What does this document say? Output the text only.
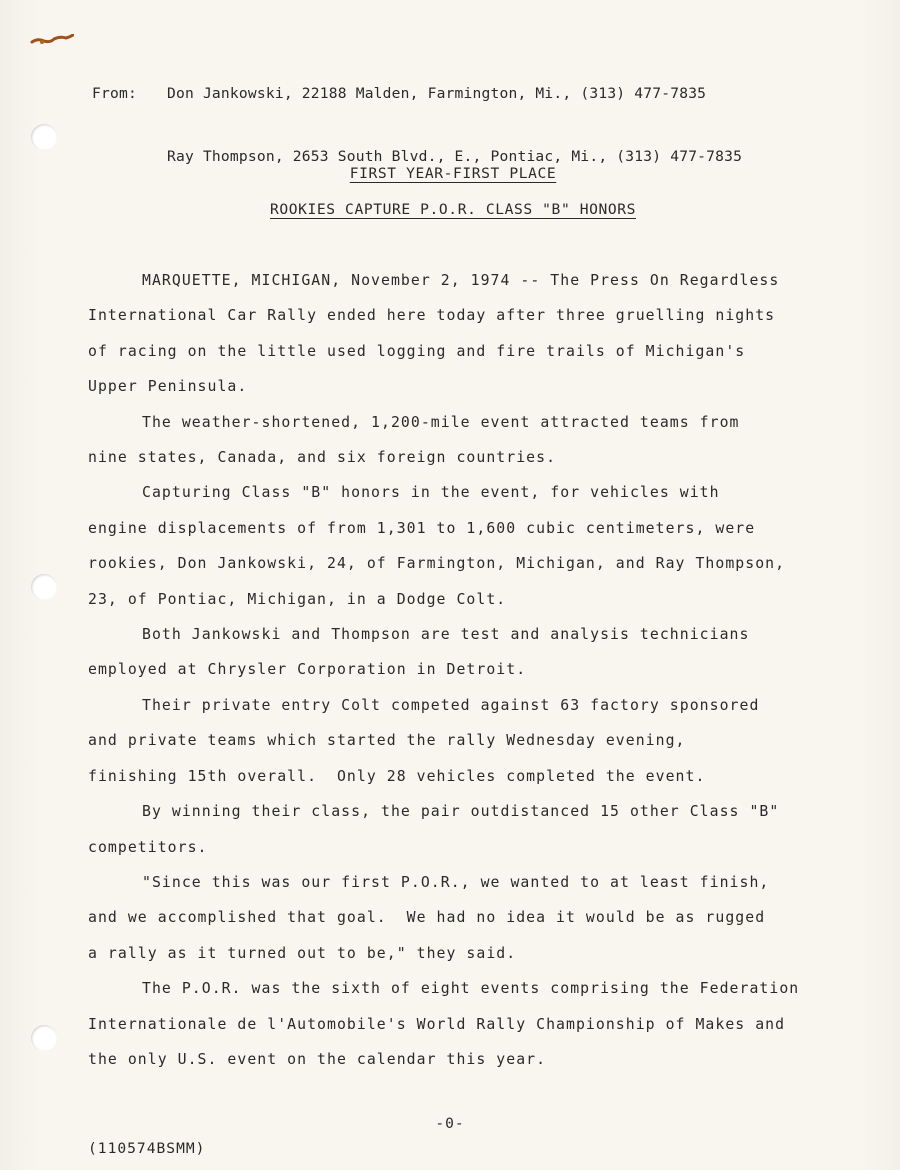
From:	Don Jankowski, 22188 Malden, Farmington, Mi., (313) 477-7835

Ray Thompson, 2653 South Blvd., E., Pontiac, Mi., (313) 477-7835

FIRST YEAR-FIRST PLACE
ROOKIES CAPTURE P.O.R. CLASS "B" HONORS

MARQUETTE, MICHIGAN, November 2, 1974 -- The Press On Regardless
International Car Rally ended here today after three gruelling nights
of racing on the little used logging and fire trails of Michigan's
Upper Peninsula.

The weather-shortened, 1,200-mile event attracted teams from
nine states, Canada, and six foreign countries.

Capturing Class "B" honors in the event, for vehicles with
engine displacements of from 1,301 to 1,600 cubic centimeters, were
rookies, Don Jankowski, 24, of Farmington, Michigan, and Ray Thompson,
23, of Pontiac, Michigan, in a Dodge Colt.

Both Jankowski and Thompson are test and analysis technicians
employed at Chrysler Corporation in Detroit.

Their private entry Colt competed against 63 factory sponsored
and private teams which started the rally Wednesday evening,
finishing 15th overall.  Only 28 vehicles completed the event.

By winning their class, the pair outdistanced 15 other Class "B"
competitors.

"Since this was our first P.O.R., we wanted to at least finish,
and we accomplished that goal.  We had no idea it would be as rugged
a rally as it turned out to be," they said.

The P.O.R. was the sixth of eight events comprising the Federation
Internationale de l'Automobile's World Rally Championship of Makes and
the only U.S. event on the calendar this year.

-0-
(110574BSMM)
